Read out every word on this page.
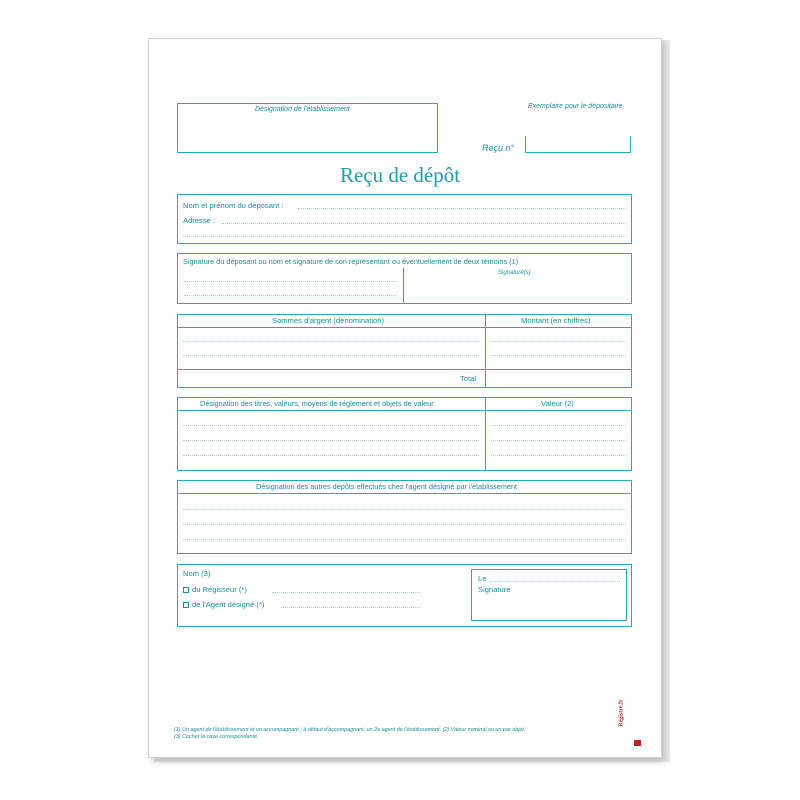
Désignation de l'établissement	Exemplaire pour le dépositaire
Reçu n°
Reçu de dépôt
Nom et prénom du déposant :
Adresse :
Signature du déposant ou nom et signature de son représentant ou éventuellement de deux témoins (1)
Signature(s)
Sommes d'argent (dénomination)	Montant (en chiffres)
Total
Désignation des titres, valeurs, moyens de réglement et objets de valeur	Valeur (2)
Désignation des autres dépôts effectués chez l'agent désigné par l'établissement
Nom (3)
du Régisseur (*)
de l'Agent désigné (*)
Le
Signature
(1) Un agent de l'établissement et un accompagnant ; à défaut d'accompagnant, un 2e agent de l'établissement. (2) Valeur nominal ou un par objet.
(3) Cocher la case correspondante.
Registre.fr
